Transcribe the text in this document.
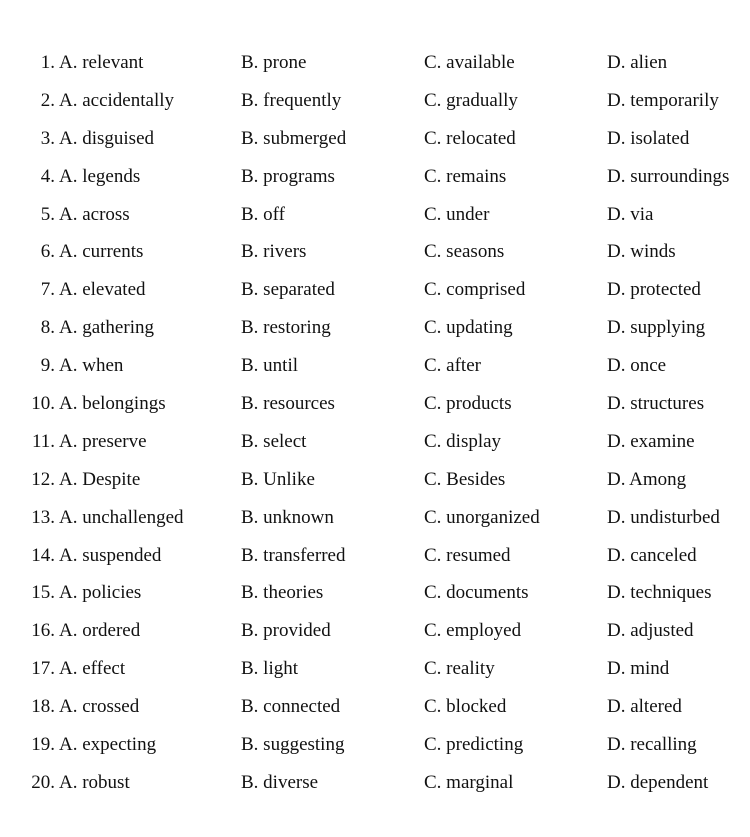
1. A. relevant	B. prone	C. available	D. alien
2. A. accidentally	B. frequently	C. gradually	D. temporarily
3. A. disguised	B. submerged	C. relocated	D. isolated
4. A. legends	B. programs	C. remains	D. surroundings
5. A. across	B. off	C. under	D. via
6. A. currents	B. rivers	C. seasons	D. winds
7. A. elevated	B. separated	C. comprised	D. protected
8. A. gathering	B. restoring	C. updating	D. supplying
9. A. when	B. until	C. after	D. once
10. A. belongings	B. resources	C. products	D. structures
11. A. preserve	B. select	C. display	D. examine
12. A. Despite	B. Unlike	C. Besides	D. Among
13. A. unchallenged	B. unknown	C. unorganized	D. undisturbed
14. A. suspended	B. transferred	C. resumed	D. canceled
15. A. policies	B. theories	C. documents	D. techniques
16. A. ordered	B. provided	C. employed	D. adjusted
17. A. effect	B. light	C. reality	D. mind
18. A. crossed	B. connected	C. blocked	D. altered
19. A. expecting	B. suggesting	C. predicting	D. recalling
20. A. robust	B. diverse	C. marginal	D. dependent
